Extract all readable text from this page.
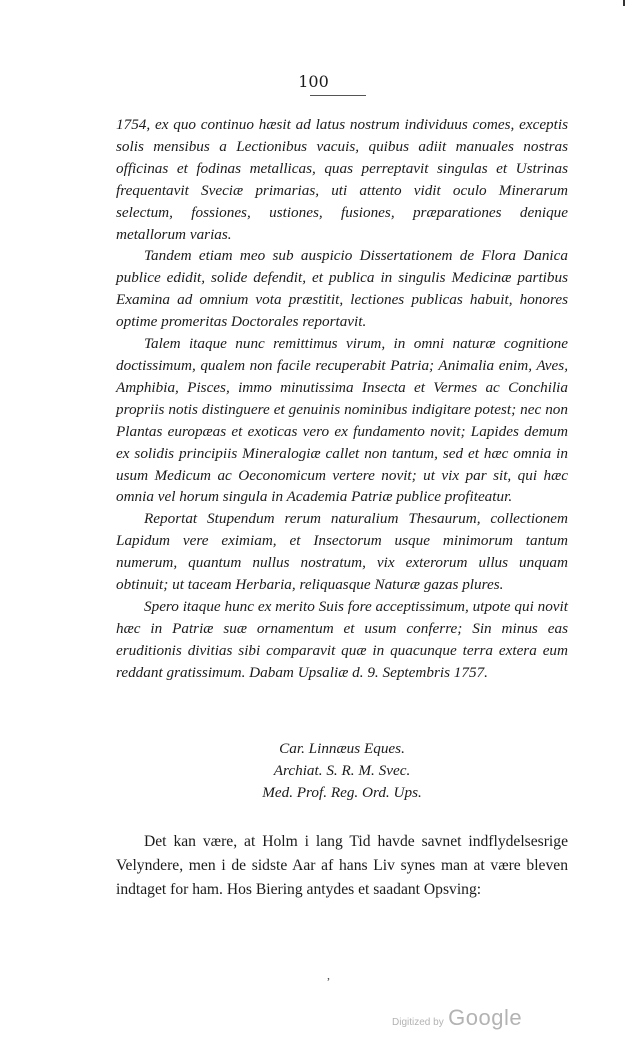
100

1754, ex quo continuo hæsit ad latus nostrum individuus comes, exceptis solis mensibus a Lectionibus vacuis, quibus adiit manuales nostras officinas et fodinas metallicas, quas perreptavit singulas et Ustrinas frequentavit Sveciæ primarias, uti attento vidit oculo Minerarum selectum, fossiones, ustiones, fusiones, præparationes denique metallorum varias.

Tandem etiam meo sub auspicio Dissertationem de Flora Danica publice edidit, solide defendit, et publica in singulis Medicinæ partibus Examina ad omnium vota præstitit, lectiones publicas habuit, honores optime promeritas Doctorales reportavit.

Talem itaque nunc remittimus virum, in omni naturæ cognitione doctissimum, qualem non facile recuperabit Patria; Animalia enim, Aves, Amphibia, Pisces, immo minutissima Insecta et Vermes ac Conchilia propriis notis distinguere et genuinis nominibus indigitare potest; nec non Plantas europæas et exoticas vero ex fundamento novit; Lapides demum ex solidis principiis Mineralogiæ callet non tantum, sed et hæc omnia in usum Medicum ac Oeconomicum vertere novit; ut vix par sit, qui hæc omnia vel horum singula in Academia Patriæ publice profiteatur.

Reportat Stupendum rerum naturalium Thesaurum, collectionem Lapidum vere eximiam, et Insectorum usque minimorum tantum numerum, quantum nullus nostratum, vix exterorum ullus unquam obtinuit; ut taceam Herbaria, reliquasque Naturæ gazas plures.

Spero itaque hunc ex merito Suis fore acceptissimum, utpote qui novit hæc in Patriæ suæ ornamentum et usum conferre; Sin minus eas eruditionis divitias sibi comparavit quæ in quacunque terra extera eum reddant gratissimum. Dabam Upsaliæ d. 9. Septembris 1757.

Car. Linnæus Eques.
Archiat. S. R. M. Svec.
Med. Prof. Reg. Ord. Ups.

Det kan være, at Holm i lang Tid havde savnet indflydelsesrige Velyndere, men i de sidste Aar af hans Liv synes man at være bleven indtaget for ham. Hos Biering antydes et saadant Opsving:

,
Digitized by Google
